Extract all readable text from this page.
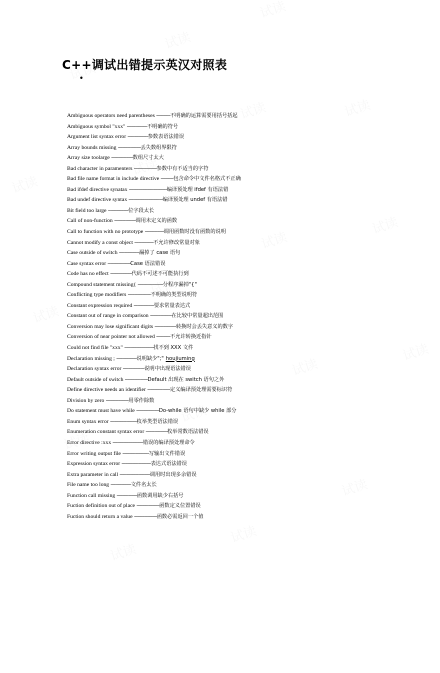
C++调试出错提示英汉对照表
•
Ambiguous operators need parentheses -----------不明确的运算需要用括号括起
Ambiguous symbol "xxx" ----------------不明确的符号
Argument list syntax error ----------------参数表语法错误
Array bounds missing ------------------丢失数组界限符
Array size toolarge -----------------数组尺寸太大
Bad character in paramenters ------------------参数中有不适当的字符
Bad file name format in include directive ----------包含命令中文件名格式不正确
Bad ifdef directive synatax ------------------------------编译预处理 ifdef 有语法错
Bad undef directive syntax ---------------------------编译预处理 undef 有语法错
Bit field too large ----------------位字段太长
Call of non-function -----------------调用未定义的函数
Call to function with no prototype ---------------调用函数时没有函数的说明
Cannot modify a const object ---------------不允许修改常量对象
Case outside of switch ----------------漏掉了 case 语句
Case syntax error ------------------Case 语法错误
Code has no effect -----------------代码不可述不可能执行到
Compound statement missing{ --------------------分程序漏掉"{"
Conflicting type modifiers ------------------不明确的类型说明符
Constant expression required ----------------要求常量表达式
Constant out of range in comparison -----------------在比较中常量超出范围
Conversion may lose significant digits -----------------转换时会丢失意义的数字
Conversion of near pointer not allowed -----------不允许转换近指针
Could not find file "xxx" -----------------------找不到 XXX 文件
Declaration missing ; ----------------说明缺少";" houjiuming
Declaration syntax error -----------------说明中出现语法错误
Default outside of switch ------------------Default 出现在 switch 语句之外
Define directive needs an identifier ------------------定义编译预处理需要标识符
Division by zero ------------------用零作除数
Do statement must have while ------------------Do-while 语句中缺少 while 部分
Enum syntax error ---------------------枚举类型语法错误
Enumeration constant syntax error -----------------枚举常数语法错误
Error directive :xxx ------------------------错误的编译预处理命令
Error writing output file ---------------------写输出文件错误
Expression syntax error -----------------------表达式语法错误
Extra parameter in call ------------------------调用时出现多余错误
File name too long ----------------文件名太长
Function call missing ----------------函数调用缺少右括号
Fuction definition out of place ------------------函数定义位置错误
Fuction should return a value ------------------函数必需返回一个值
